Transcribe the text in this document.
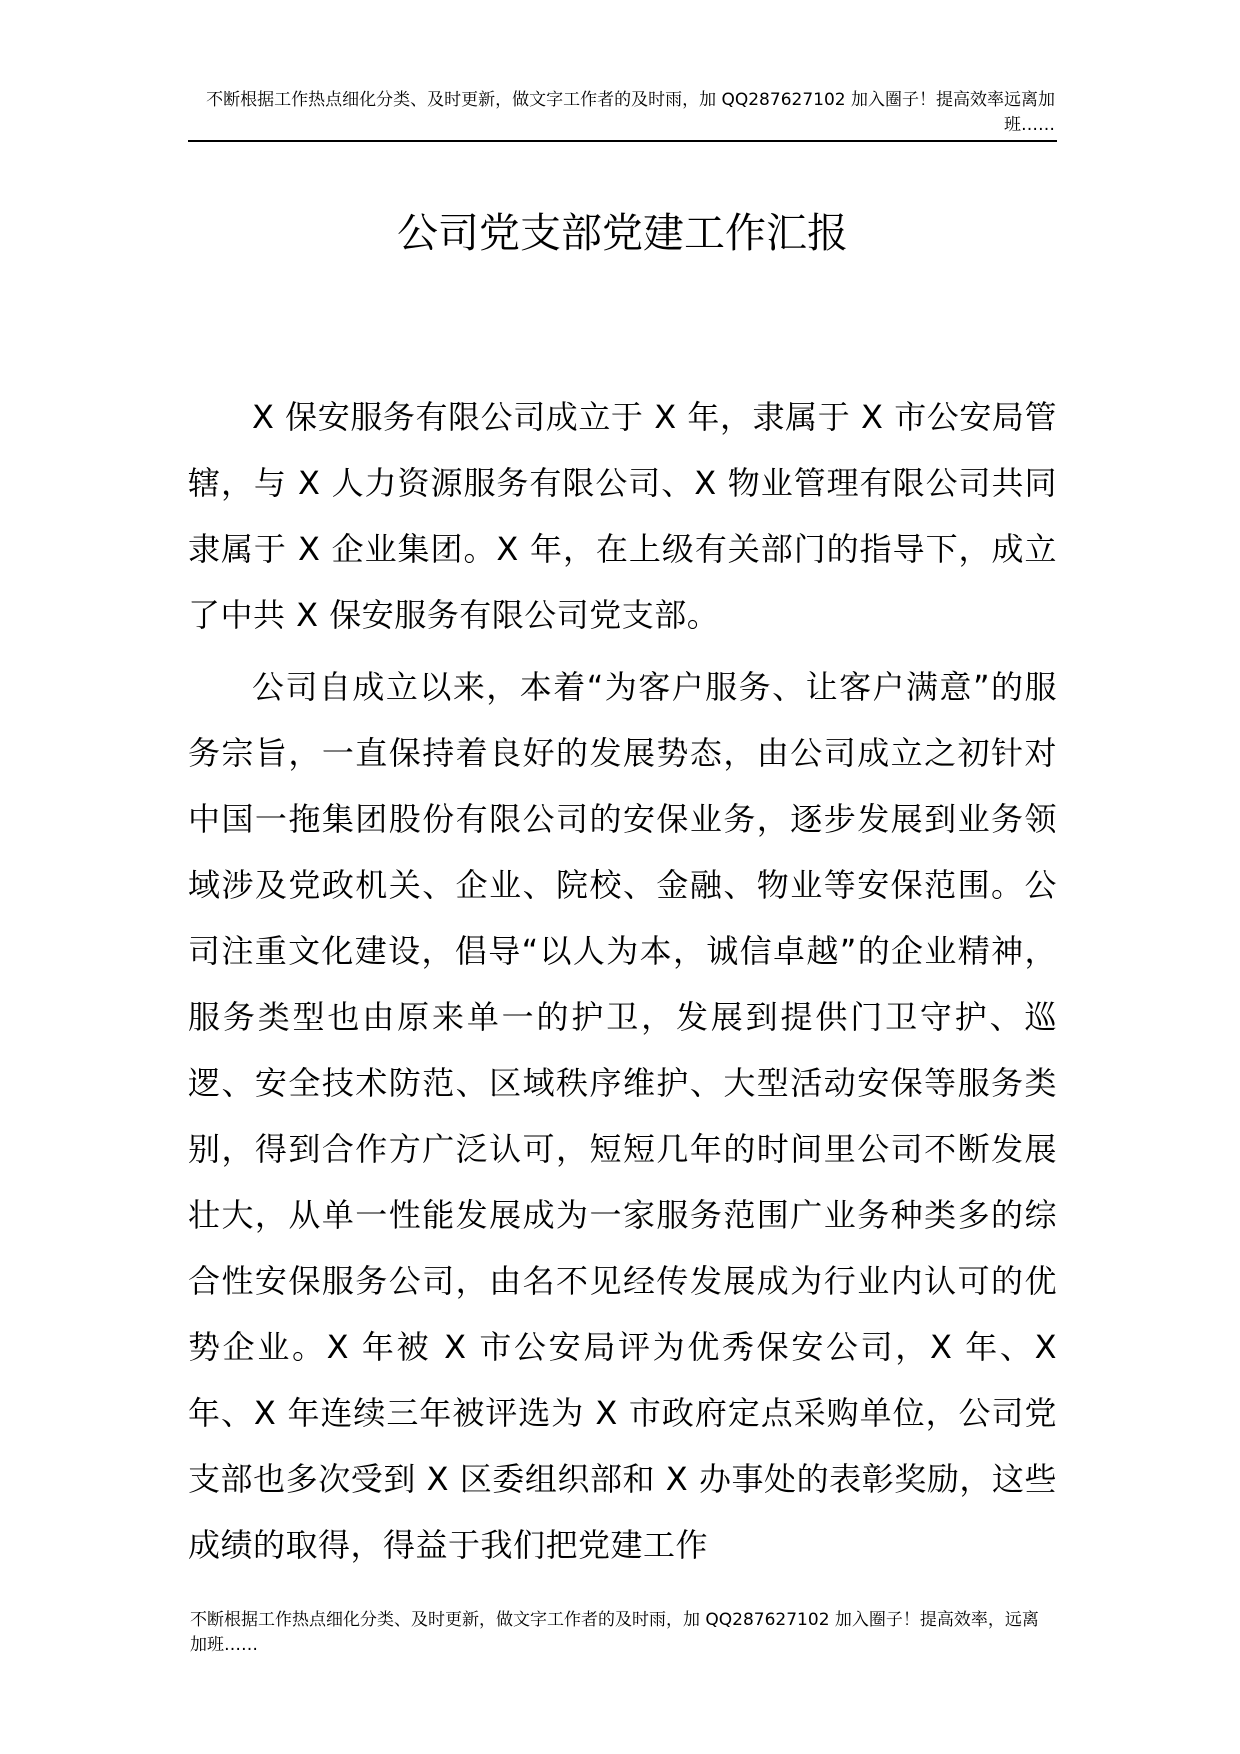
不断根据工作热点细化分类、及时更新，做文字工作者的及时雨，加 QQ287627102 加入圈子！提高效率远离加班……
公司党支部党建工作汇报

X 保安服务有限公司成立于 X 年，隶属于 X 市公安局管辖，与 X 人力资源服务有限公司、X 物业管理有限公司共同隶属于 X 企业集团。X 年，在上级有关部门的指导下，成立了中共 X 保安服务有限公司党支部。

公司自成立以来，本着“为客户服务、让客户满意”的服务宗旨，一直保持着良好的发展势态，由公司成立之初针对中国一拖集团股份有限公司的安保业务，逐步发展到业务领域涉及党政机关、企业、院校、金融、物业等安保范围。公司注重文化建设，倡导“以人为本，诚信卓越”的企业精神，服务类型也由原来单一的护卫，发展到提供门卫守护、巡逻、安全技术防范、区域秩序维护、大型活动安保等服务类别，得到合作方广泛认可，短短几年的时间里公司不断发展壮大，从单一性能发展成为一家服务范围广业务种类多的综合性安保服务公司，由名不见经传发展成为行业内认可的优势企业。X 年被 X 市公安局评为优秀保安公司，X 年、X 年、X 年连续三年被评选为 X 市政府定点采购单位，公司党支部也多次受到 X 区委组织部和 X 办事处的表彰奖励，这些成绩的取得，得益于我们把党建工作

不断根据工作热点细化分类、及时更新，做文字工作者的及时雨，加 QQ287627102 加入圈子！提高效率，远离加班……
